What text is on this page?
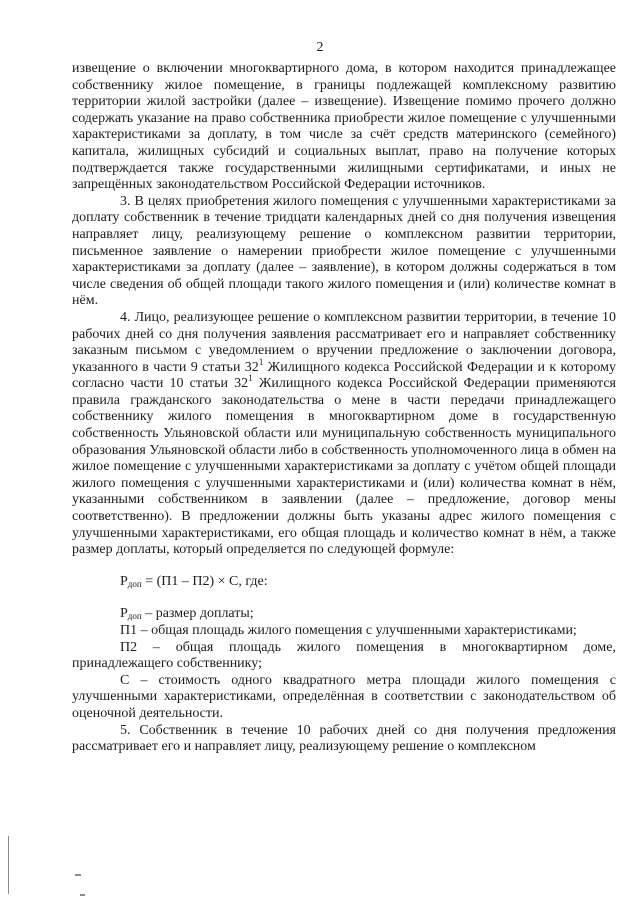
2

извещение о включении многоквартирного дома, в котором находится принадлежащее собственнику жилое помещение, в границы подлежащей комплексному развитию территории жилой застройки (далее – извещение). Извещение помимо прочего должно содержать указание на право собственника приобрести жилое помещение с улучшенными характеристиками за доплату, в том числе за счёт средств материнского (семейного) капитала, жилищных субсидий и социальных выплат, право на получение которых подтверждается также государственными жилищными сертификатами, и иных не запрещённых законодательством Российской Федерации источников.

3. В целях приобретения жилого помещения с улучшенными характеристиками за доплату собственник в течение тридцати календарных дней со дня получения извещения направляет лицу, реализующему решение о комплексном развитии территории, письменное заявление о намерении приобрести жилое помещение с улучшенными характеристиками за доплату (далее – заявление), в котором должны содержаться в том числе сведения об общей площади такого жилого помещения и (или) количестве комнат в нём.

4. Лицо, реализующее решение о комплексном развитии территории, в течение 10 рабочих дней со дня получения заявления рассматривает его и направляет собственнику заказным письмом с уведомлением о вручении предложение о заключении договора, указанного в части 9 статьи $32^1$ Жилищного кодекса Российской Федерации и к которому согласно части 10 статьи $32^1$ Жилищного кодекса Российской Федерации применяются правила гражданского законодательства о мене в части передачи принадлежащего собственнику жилого помещения в многоквартирном доме в государственную собственность Ульяновской области или муниципальную собственность муниципального образования Ульяновской области либо в собственность уполномоченного лица в обмен на жилое помещение с улучшенными характеристиками за доплату с учётом общей площади жилого помещения с улучшенными характеристиками и (или) количества комнат в нём, указанными собственником в заявлении (далее – предложение, договор мены соответственно). В предложении должны быть указаны адрес жилого помещения с улучшенными характеристиками, его общая площадь и количество комнат в нём, а также размер доплаты, который определяется по следующей формуле:

$Р_{доп} = (П1 - П2) \times С$, где:

$Р_{доп}$ – размер доплаты;

П1 – общая площадь жилого помещения с улучшенными характеристиками;

П2 – общая площадь жилого помещения в многоквартирном доме, принадлежащего собственнику;

С – стоимость одного квадратного метра площади жилого помещения с улучшенными характеристиками, определённая в соответствии с законодательством об оценочной деятельности.

5. Собственник в течение 10 рабочих дней со дня получения предложения рассматривает его и направляет лицу, реализующему решение о комплексном
